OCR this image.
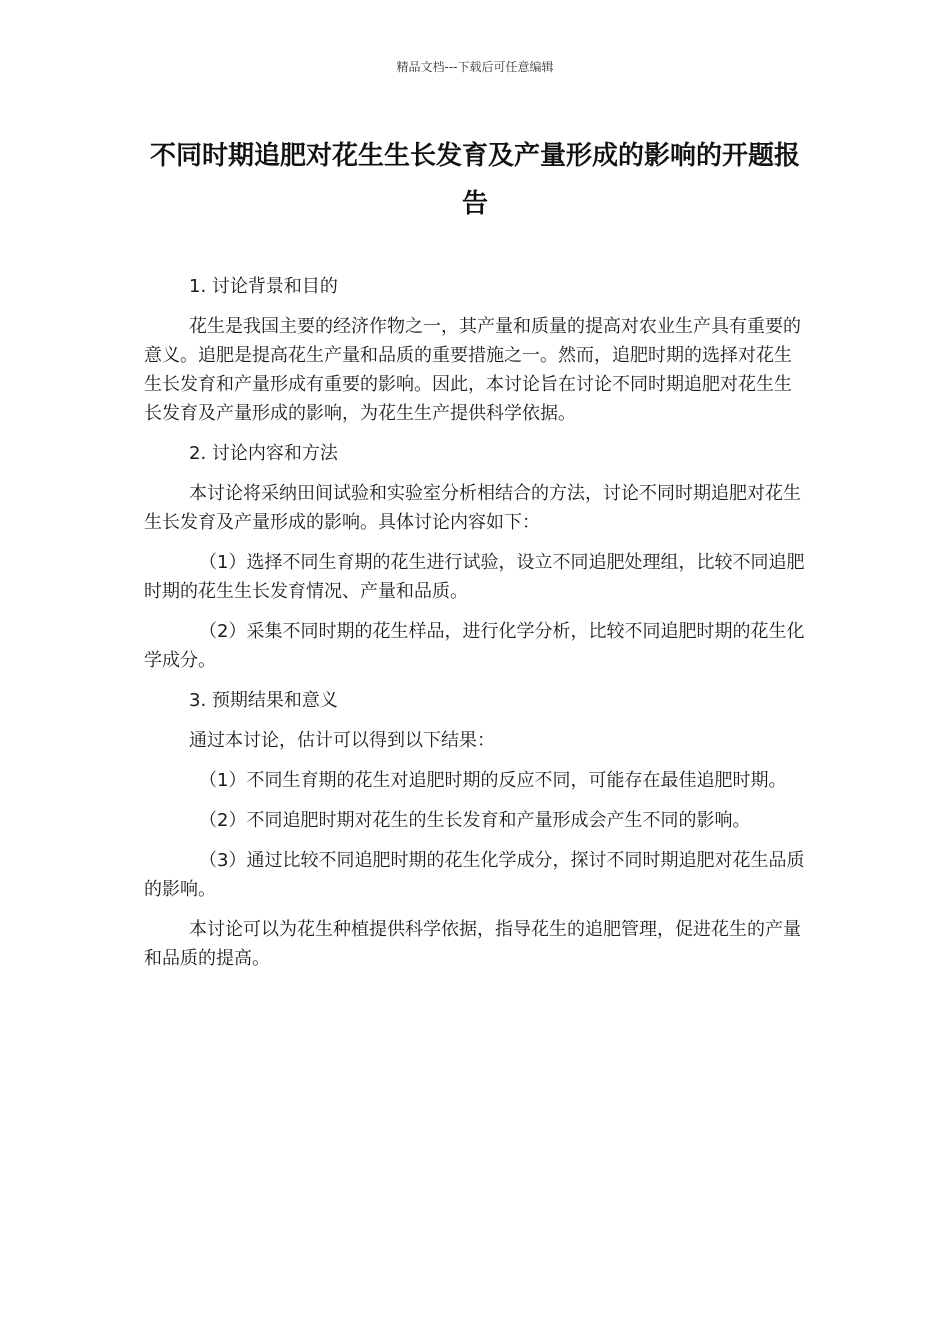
精品文档---下载后可任意编辑
不同时期追肥对花生生长发育及产量形成的影响的开题报告

1. 讨论背景和目的

花生是我国主要的经济作物之一，其产量和质量的提高对农业生产具有重要的意义。追肥是提高花生产量和品质的重要措施之一。然而，追肥时期的选择对花生生长发育和产量形成有重要的影响。因此，本讨论旨在讨论不同时期追肥对花生生长发育及产量形成的影响，为花生生产提供科学依据。

2. 讨论内容和方法

本讨论将采纳田间试验和实验室分析相结合的方法，讨论不同时期追肥对花生生长发育及产量形成的影响。具体讨论内容如下：

（1）选择不同生育期的花生进行试验，设立不同追肥处理组，比较不同追肥时期的花生生长发育情况、产量和品质。

（2）采集不同时期的花生样品，进行化学分析，比较不同追肥时期的花生化学成分。

3. 预期结果和意义

通过本讨论，估计可以得到以下结果：

（1）不同生育期的花生对追肥时期的反应不同，可能存在最佳追肥时期。

（2）不同追肥时期对花生的生长发育和产量形成会产生不同的影响。

（3）通过比较不同追肥时期的花生化学成分，探讨不同时期追肥对花生品质的影响。

本讨论可以为花生种植提供科学依据，指导花生的追肥管理，促进花生的产量和品质的提高。
